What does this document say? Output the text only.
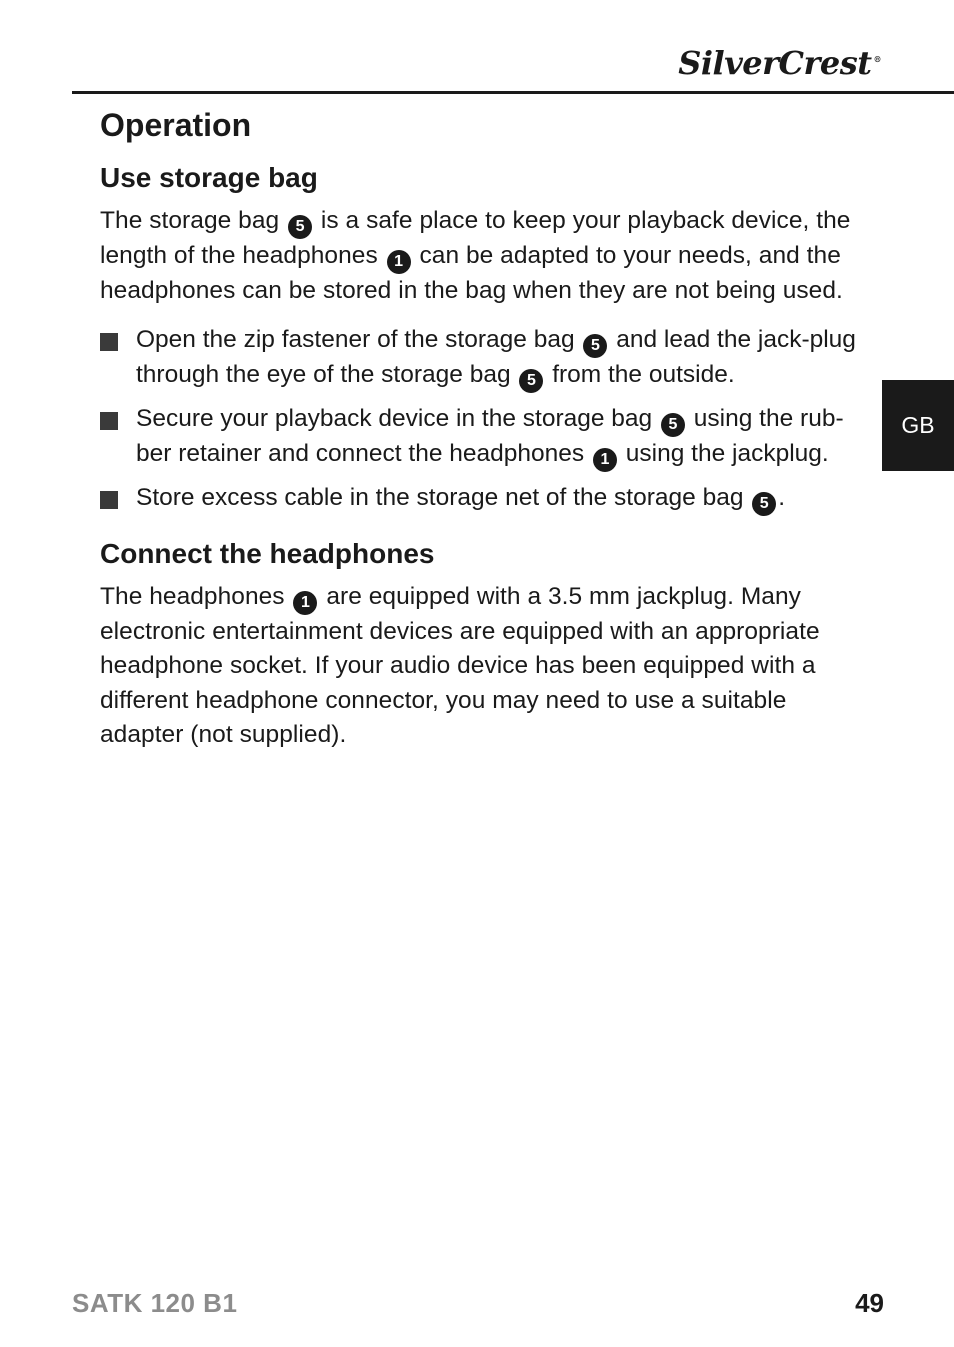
SilverCrest ®
GB
Operation
Use storage bag

The storage bag 5 is a safe place to keep your playback device, the length of the headphones 1 can be adapted to your needs, and the headphones can be stored in the bag when they are not being used.

Open the zip fastener of the storage bag 5 and lead the jack-plug through the eye of the storage bag 5 from the outside.
Secure your playback device in the storage bag 5 using the rub-ber retainer and connect the headphones 1 using the jackplug.
Store excess cable in the storage net of the storage bag 5 .
Connect the headphones

The headphones 1 are equipped with a 3.5 mm jackplug. Many electronic entertainment devices are equipped with an appropriate headphone socket. If your audio device has been equipped with a different headphone connector, you may need to use a suitable adapter (not supplied).

SATK 120 B1	49
